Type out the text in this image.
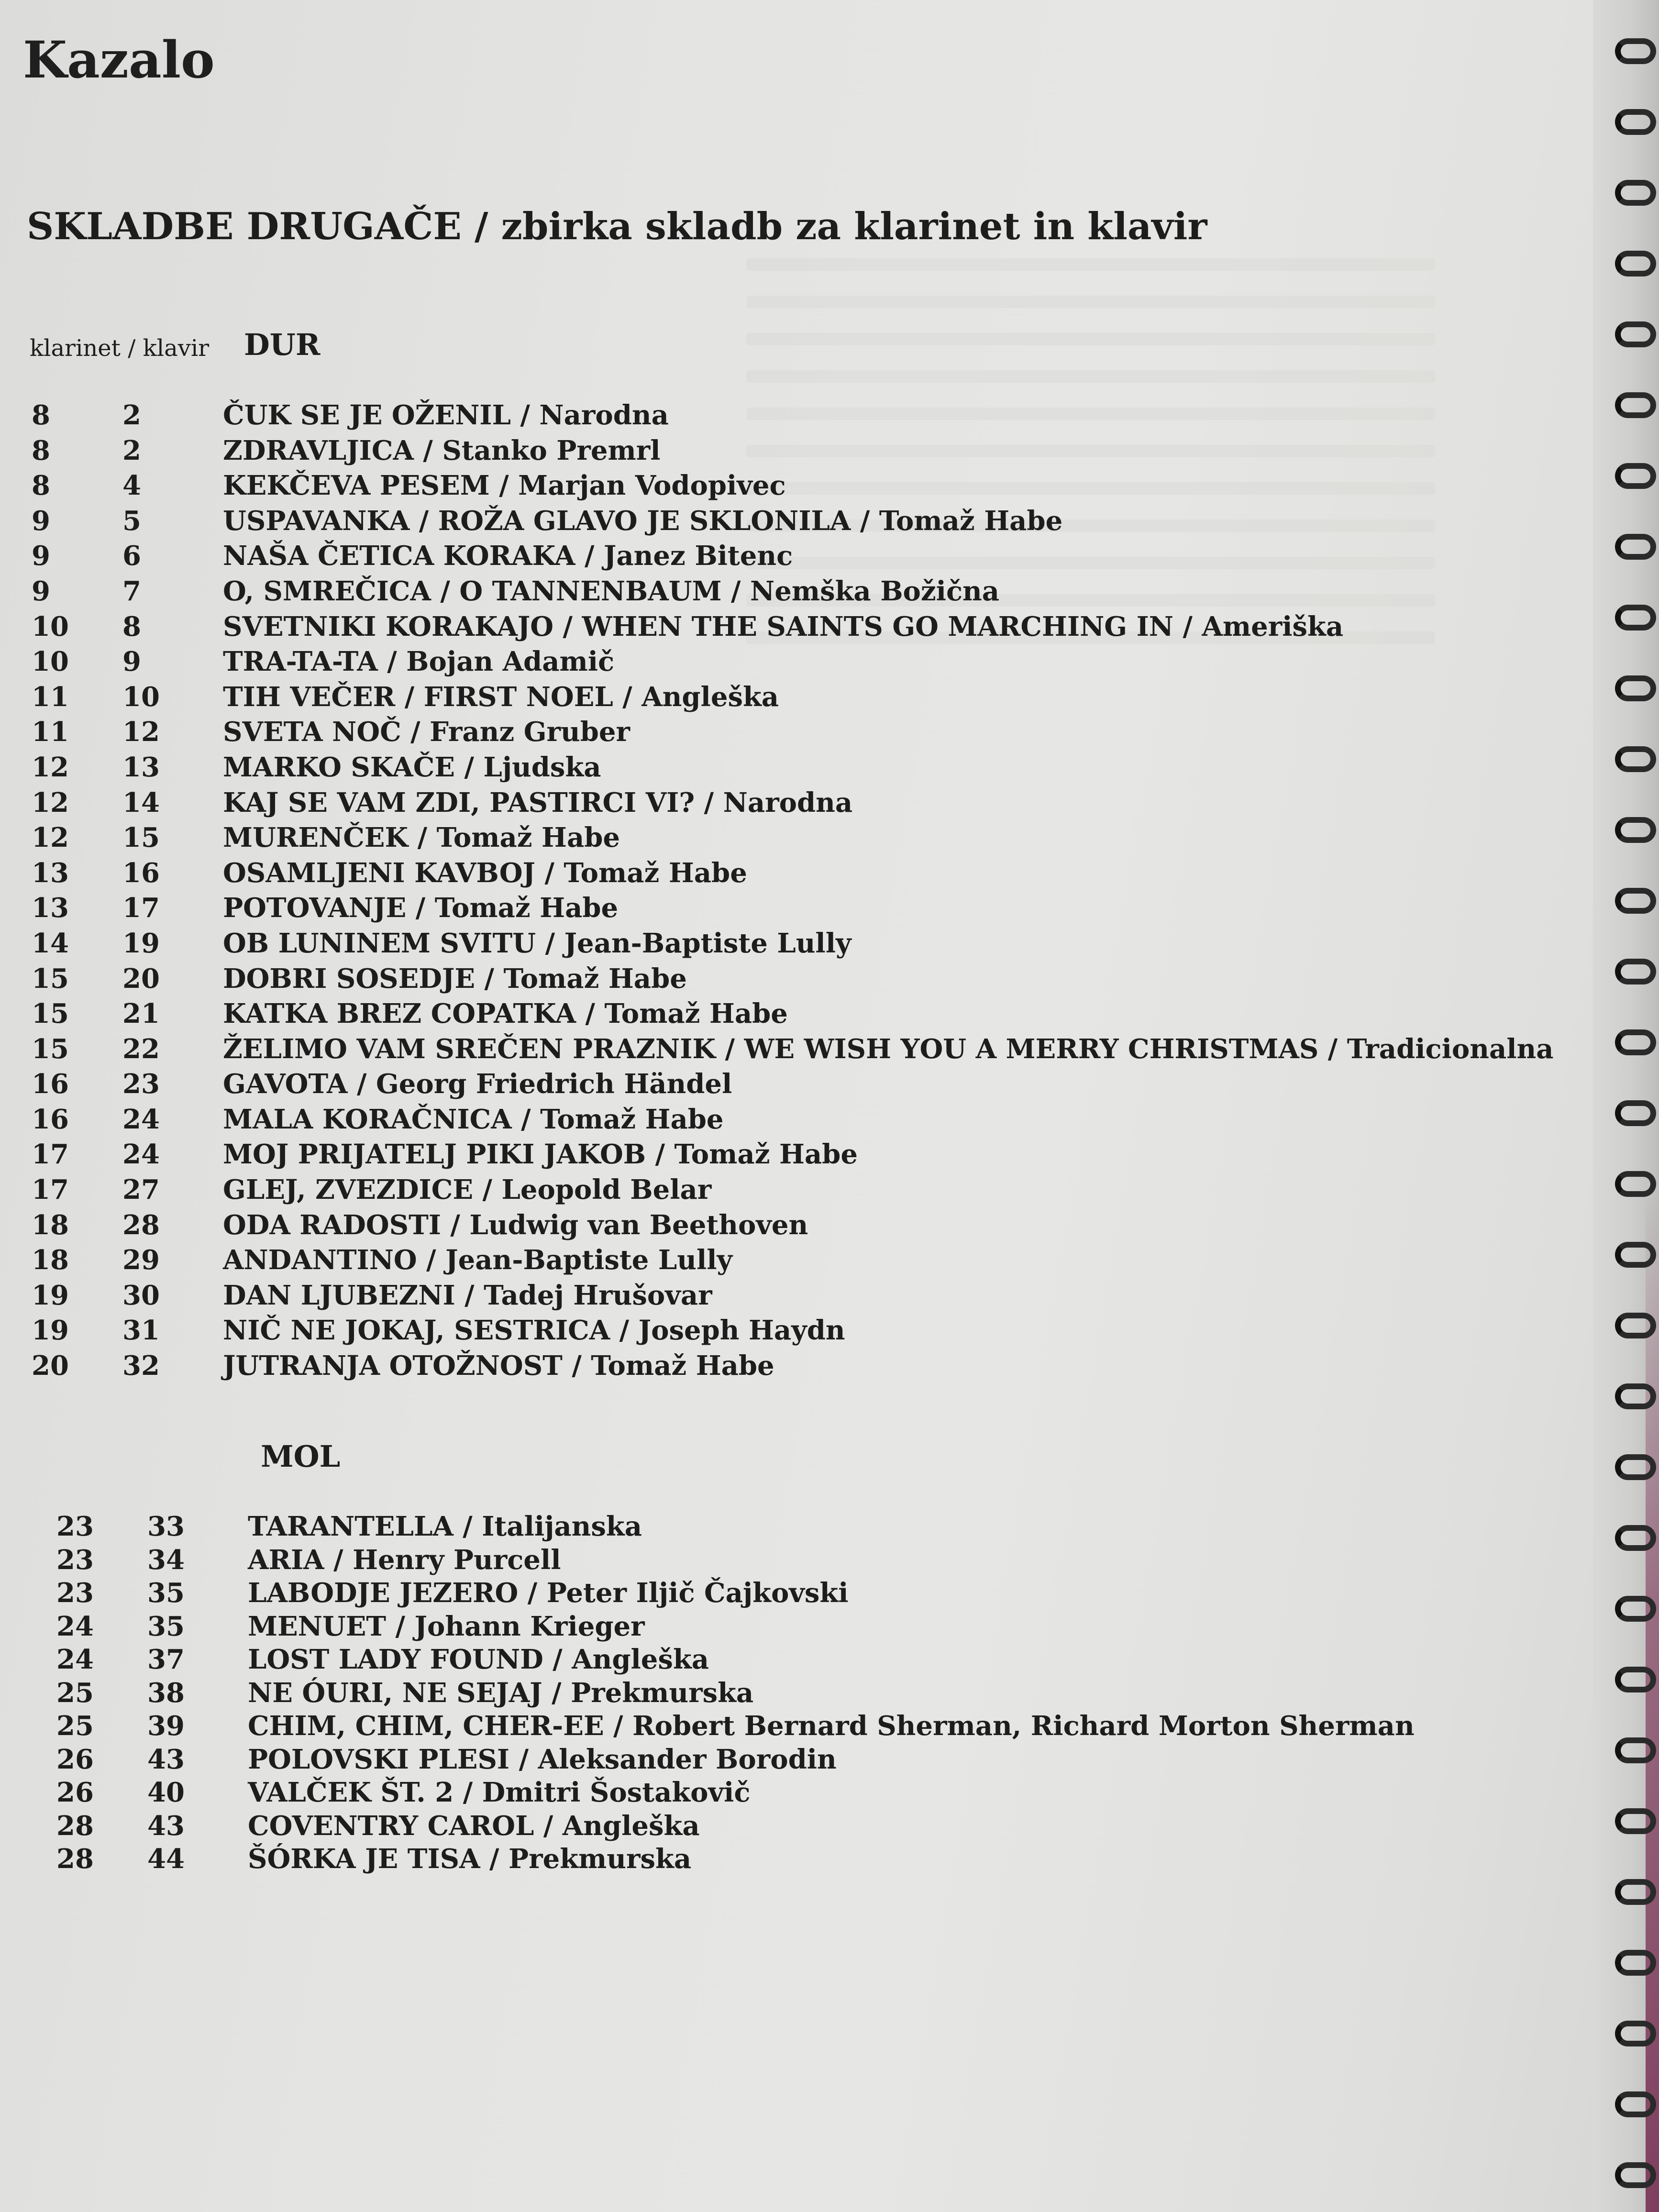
Kazalo
SKLADBE DRUGAČE / zbirka skladb za klarinet in klavir
klarinet / klavir DUR
8	2	ČUK SE JE OŽENIL / Narodna
8	2	ZDRAVLJICA / Stanko Premrl
8	4	KEKČEVA PESEM / Marjan Vodopivec
9	5	USPAVANKA / ROŽA GLAVO JE SKLONILA / Tomaž Habe
9	6	NAŠA ČETICA KORAKA / Janez Bitenc
9	7	O, SMREČICA / O TANNENBAUM / Nemška Božična
10 8	SVETNIKI KORAKAJO / WHEN THE SAINTS GO MARCHING IN / Ameriška
10 9	TRA-TA-TA / Bojan Adamič
11 10 TIH VEČER / FIRST NOEL / Angleška
11 12 SVETA NOČ / Franz Gruber
12 13 MARKO SKAČE / Ljudska
12 14 KAJ SE VAM ZDI, PASTIRCI VI? / Narodna
12 15 MURENČEK / Tomaž Habe
13 16 OSAMLJENI KAVBOJ / Tomaž Habe
13 17 POTOVANJE / Tomaž Habe
14 19 OB LUNINEM SVITU / Jean-Baptiste Lully
15 20 DOBRI SOSEDJE / Tomaž Habe
15 21 KATKA BREZ COPATKA / Tomaž Habe
15 22 ŽELIMO VAM SREČEN PRAZNIK / WE WISH YOU A MERRY CHRISTMAS / Tradicionalna
16 23 GAVOTA / Georg Friedrich Händel
16 24 MALA KORAČNICA / Tomaž Habe
17 24 MOJ PRIJATELJ PIKI JAKOB / Tomaž Habe
17 27 GLEJ, ZVEZDICE / Leopold Belar
18 28 ODA RADOSTI / Ludwig van Beethoven
18 29 ANDANTINO / Jean-Baptiste Lully
19 30 DAN LJUBEZNI / Tadej Hrušovar
19 31 NIČ NE JOKAJ, SESTRICA / Joseph Haydn
20 32 JUTRANJA OTOŽNOST / Tomaž Habe
MOL
23 33 TARANTELLA / Italijanska
23 34 ARIA / Henry Purcell
23 35 LABODJE JEZERO / Peter Iljič Čajkovski
24 35 MENUET / Johann Krieger
24 37 LOST LADY FOUND / Angleška
25 38 NE ÓURI, NE SEJAJ / Prekmurska
25 39 CHIM, CHIM, CHER-EE / Robert Bernard Sherman, Richard Morton Sherman
26 43 POLOVSKI PLESI / Aleksander Borodin
26 40 VALČEK ŠT. 2 / Dmitri Šostakovič
28 43 COVENTRY CAROL / Angleška
28 44 ŠÓRKA JE TISA / Prekmurska
